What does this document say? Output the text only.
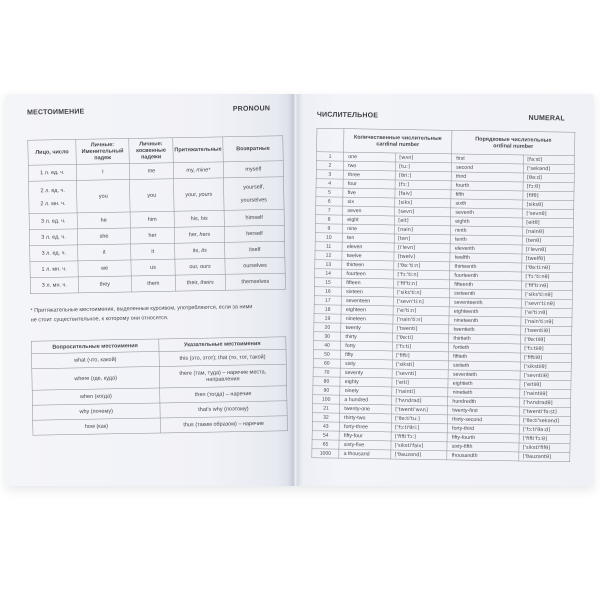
МЕСТОИМЕНИЕ	PRONOUN
Лицо, число	Личные:
Именительный
падеж	Личные:
косвенные
падежи	Притяжательные	Возвратные
1 л. ед. ч.	I	me	my, mine*	myself
2 л. ед. ч.
2 л. мн. ч.	you	you	your, yours	yourself,
yourselves
3 л. ед. ч.	he	him	his, his	himself
3 л. ед. ч.	she	her	her, hers	herself
3 л. ед. ч.	it	it	its, its	itself
1 л. мн. ч.	we	us	our, ours	ourselves
3 л. мн. ч.	they	them	their, theirs	themselves

* Притяжательные местоимения, выделенные курсивом, употребляются, если за ними
не стоит существительное, к которому они относятся.

Вопросительные местоимения	Указательные местоимения
what (что, какой)	this (это, этот); that (то, тот, такой)
where (где, куда)	there (там, туда) – наречие места,
направления
when (когда)	then (тогда) – наречие
why (почему)	that's why (поэтому)
how (как)	thus (таким образом) – наречие
ЧИСЛИТЕЛЬНОЕ	NUMERAL
	Количественные числительные
cardinal number		Порядковые числительные
ordinal number	
1	one	[wʌn]	first	[fə:st]
2	two	[tu:]	second	['sekənd]
3	three	[θri:]	third	[θə:d]
4	four	[fɔ:]	fourth	[fɔ:θ]
5	five	[faiv]	fifth	[fifθ]
6	six	[siks]	sixth	[siksθ]
7	seven	[sevn]	seventh	['sevnθ]
8	eight	[eit]	eighth	[eitθ]
9	nine	[nain]	ninth	[nainθ]
10	ten	[ten]	tenth	[tenθ]
11	eleven	[i'levn]	eleventh	[i'levnθ]
12	twelve	[twelv]	twelfth	[twelfθ]
13	thirteen	['θə:'ti:n]	thirteenth	['θə:ti:nθ]
14	fourteen	['fɔ:'ti:n]	fourteenth	['fɔ:'ti:nθ]
15	fifteen	['fif'ti:n]	fifteenth	['fif'ti:nθ]
16	sixteen	['siks'ti:n]	sixteenth	['siks'ti:nθ]
17	seventeen	['sevn'ti:n]	seventeenth	['sevn'ti:nθ]
18	eighteen	['ei'ti:n]	eighteenth	['ei'ti:nθ]
19	nineteen	['nain'ti:n]	nineteenth	['nain'ti:nθ]
20	twenty	['twenti]	twentieth	['twentiiθ]
30	thirty	['θə:ti]	thirtieth	['θə:tiiθ]
40	forty	['fɔ:ti]	fortieth	['fɔ:tiiθ]
50	fifty	['fifti]	fiftieth	['fiftiiθ]
60	sixty	['siksti]	sixtieth	['sikstiiθ]
70	seventy	['sevnti]	seventieth	['sevntiiθ]
80	eighty	['eiti]	eightieth	['eitiiθ]
90	ninety	['nainti]	ninetieth	['naintiiθ]
100	a hundred	['hʌndrəd]	hundredth	['hʌndrədθ]
21	twenty-one	['twenti'wʌn]	twenty-first	['twenti'fə:st]
32	thirty-two	['θə:ti'tu:]	thirty-second	['θə:ti'sekənd]
43	forty-three	['fɔ:ti'θri:]	forty-third	['fɔ:ti'θə:d]
54	fifty-four	['fifti'fɔ:]	fifty-fourth	['fifti'fɔ:θ]
65	sixty-five	['siksti'faiv]	sixty-fifth	['siksti'fifθ]
1000	a thousand	['θauzənd]	thousandth	['θauzəntθ]
